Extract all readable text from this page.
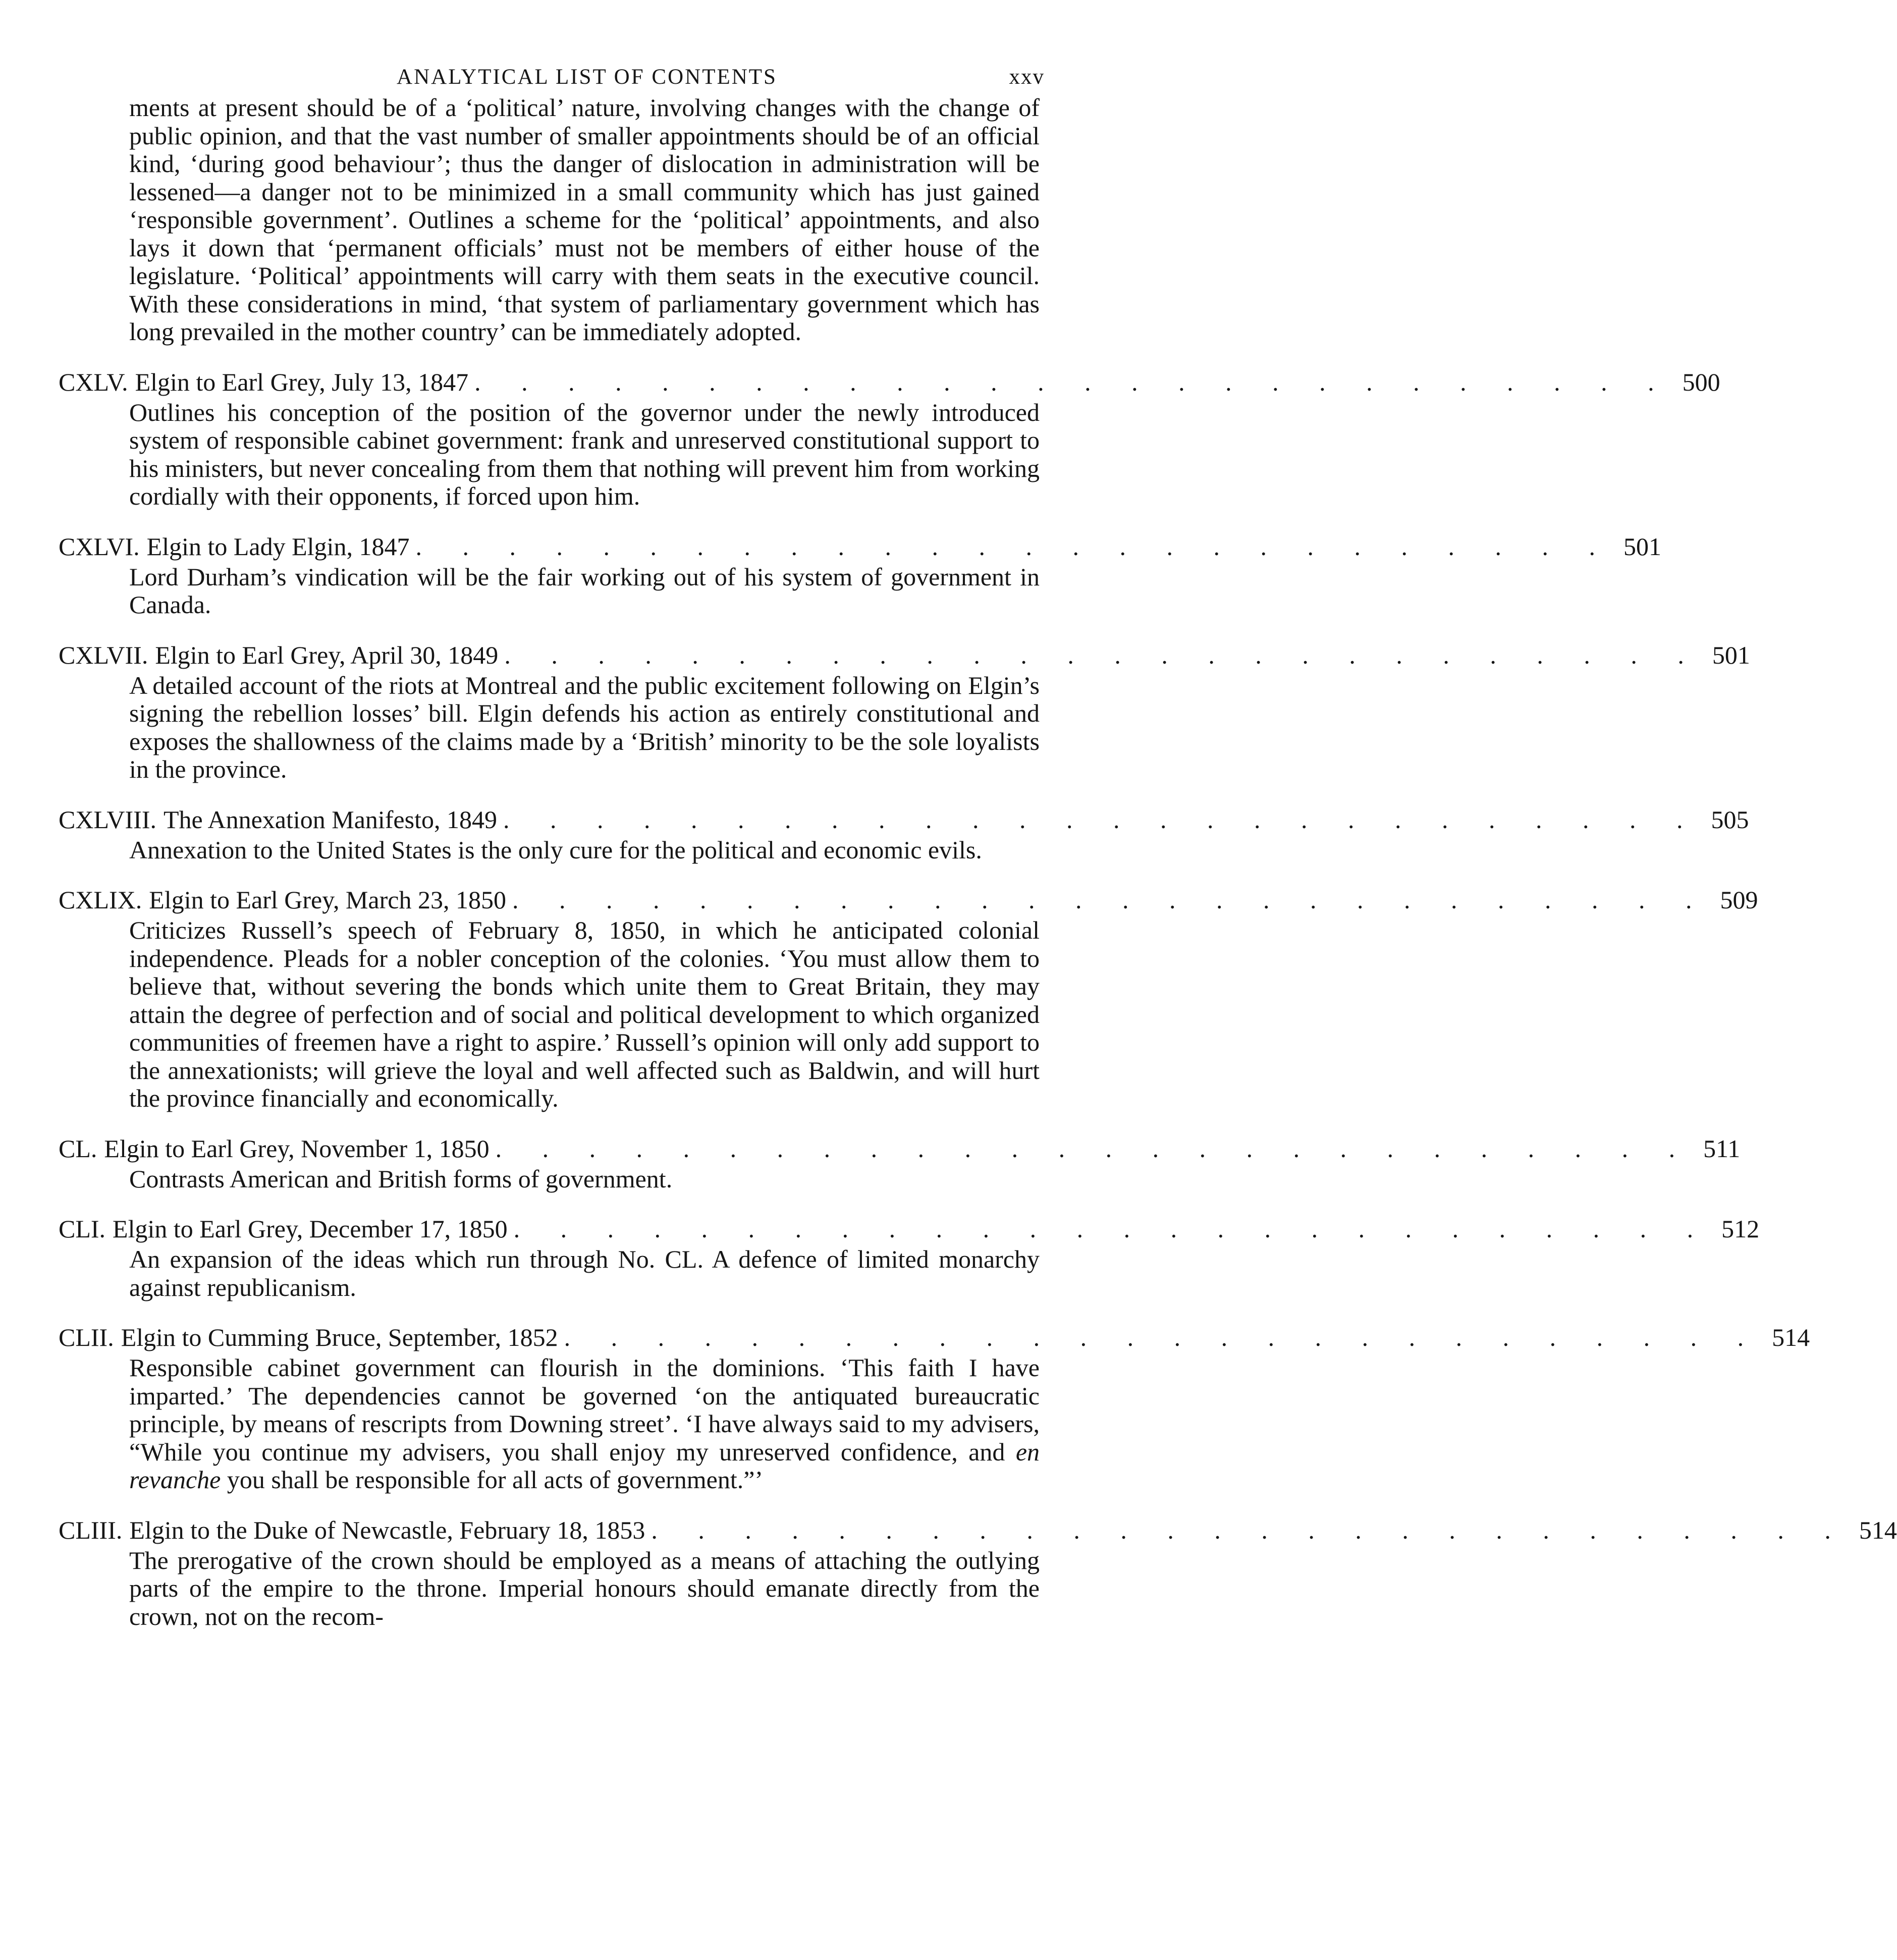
ANALYTICAL LIST OF CONTENTS	xxv

ments at present should be of a ‘political’ nature, involving changes with the change of public opinion, and that the vast number of smaller appointments should be of an official kind, ‘during good behaviour’; thus the danger of dislocation in administration will be lessened—a danger not to be minimized in a small community which has just gained ‘responsible government’. Outlines a scheme for the ‘political’ appointments, and also lays it down that ‘permanent officials’ must not be members of either house of the legislature. ‘Political’ appointments will carry with them seats in the executive council. With these considerations in mind, ‘that system of parliamentary government which has long prevailed in the mother country’ can be immediately adopted.

CXLV. Elgin to Earl Grey, July 13, 1847 . . . . . . . . . . . . . . . . . . . . . . . . . . 500

Outlines his conception of the position of the governor under the newly introduced system of responsible cabinet government: frank and unreserved constitutional support to his ministers, but never concealing from them that nothing will prevent him from working cordially with their opponents, if forced upon him.

CXLVI. Elgin to Lady Elgin, 1847 . . . . . . . . . . . . . . . . . . . . . . . . . . 501

Lord Durham’s vindication will be the fair working out of his system of government in Canada.

CXLVII. Elgin to Earl Grey, April 30, 1849 . . . . . . . . . . . . . . . . . . . . . . . . . . 501

A detailed account of the riots at Montreal and the public excitement following on Elgin’s signing the rebellion losses’ bill. Elgin defends his action as entirely constitutional and exposes the shallowness of the claims made by a ‘British’ minority to be the sole loyalists in the province.

CXLVIII. The Annexation Manifesto, 1849 . . . . . . . . . . . . . . . . . . . . . . . . . . 505

Annexation to the United States is the only cure for the political and economic evils.

CXLIX. Elgin to Earl Grey, March 23, 1850 . . . . . . . . . . . . . . . . . . . . . . . . . . 509

Criticizes Russell’s speech of February 8, 1850, in which he anticipated colonial independence. Pleads for a nobler conception of the colonies. ‘You must allow them to believe that, without severing the bonds which unite them to Great Britain, they may attain the degree of perfection and of social and political development to which organized communities of freemen have a right to aspire.’ Russell’s opinion will only add support to the annexationists; will grieve the loyal and well affected such as Baldwin, and will hurt the province financially and economically.

CL. Elgin to Earl Grey, November 1, 1850 . . . . . . . . . . . . . . . . . . . . . . . . . . 511

Contrasts American and British forms of government.

CLI. Elgin to Earl Grey, December 17, 1850 . . . . . . . . . . . . . . . . . . . . . . . . . . 512

An expansion of the ideas which run through No. CL. A defence of limited monarchy against republicanism.

CLII. Elgin to Cumming Bruce, September, 1852 . . . . . . . . . . . . . . . . . . . . . . . . . . 514

Responsible cabinet government can flourish in the dominions. ‘This faith I have imparted.’ The dependencies cannot be governed ‘on the antiquated bureaucratic principle, by means of rescripts from Downing street’. ‘I have always said to my advisers, “While you continue my advisers, you shall enjoy my unreserved confidence, and en revanche you shall be responsible for all acts of government.”’

CLIII. Elgin to the Duke of Newcastle, February 18, 1853 . . . . . . . . . . . . . . . . . . . . . . . . . . 514

The prerogative of the crown should be employed as a means of attaching the outlying parts of the empire to the throne. Imperial honours should emanate directly from the crown, not on the recom-
